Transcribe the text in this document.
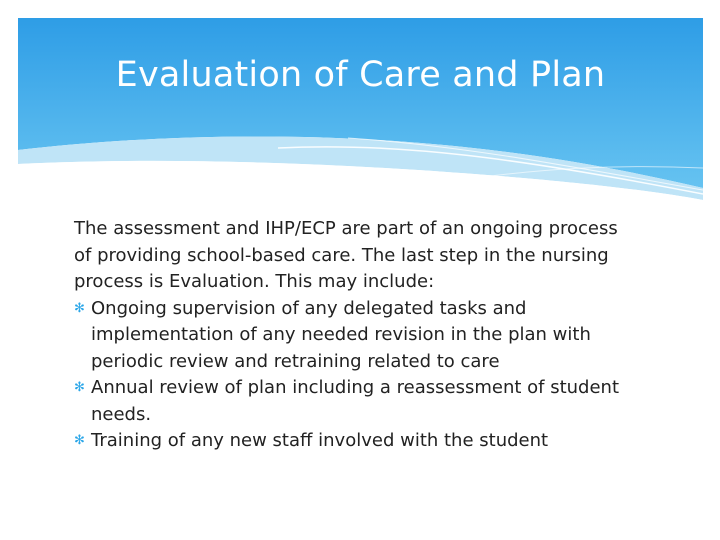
Evaluation of Care and Plan

The assessment and IHP/ECP are part of an ongoing process of providing school-based care. The last step in the nursing process is Evaluation. This may include:

✻ Ongoing supervision of any delegated tasks and implementation of any needed revision in the plan with periodic review and retraining related to care
✻ Annual review of plan including a reassessment of student needs.
✻ Training of any new staff involved with the student
